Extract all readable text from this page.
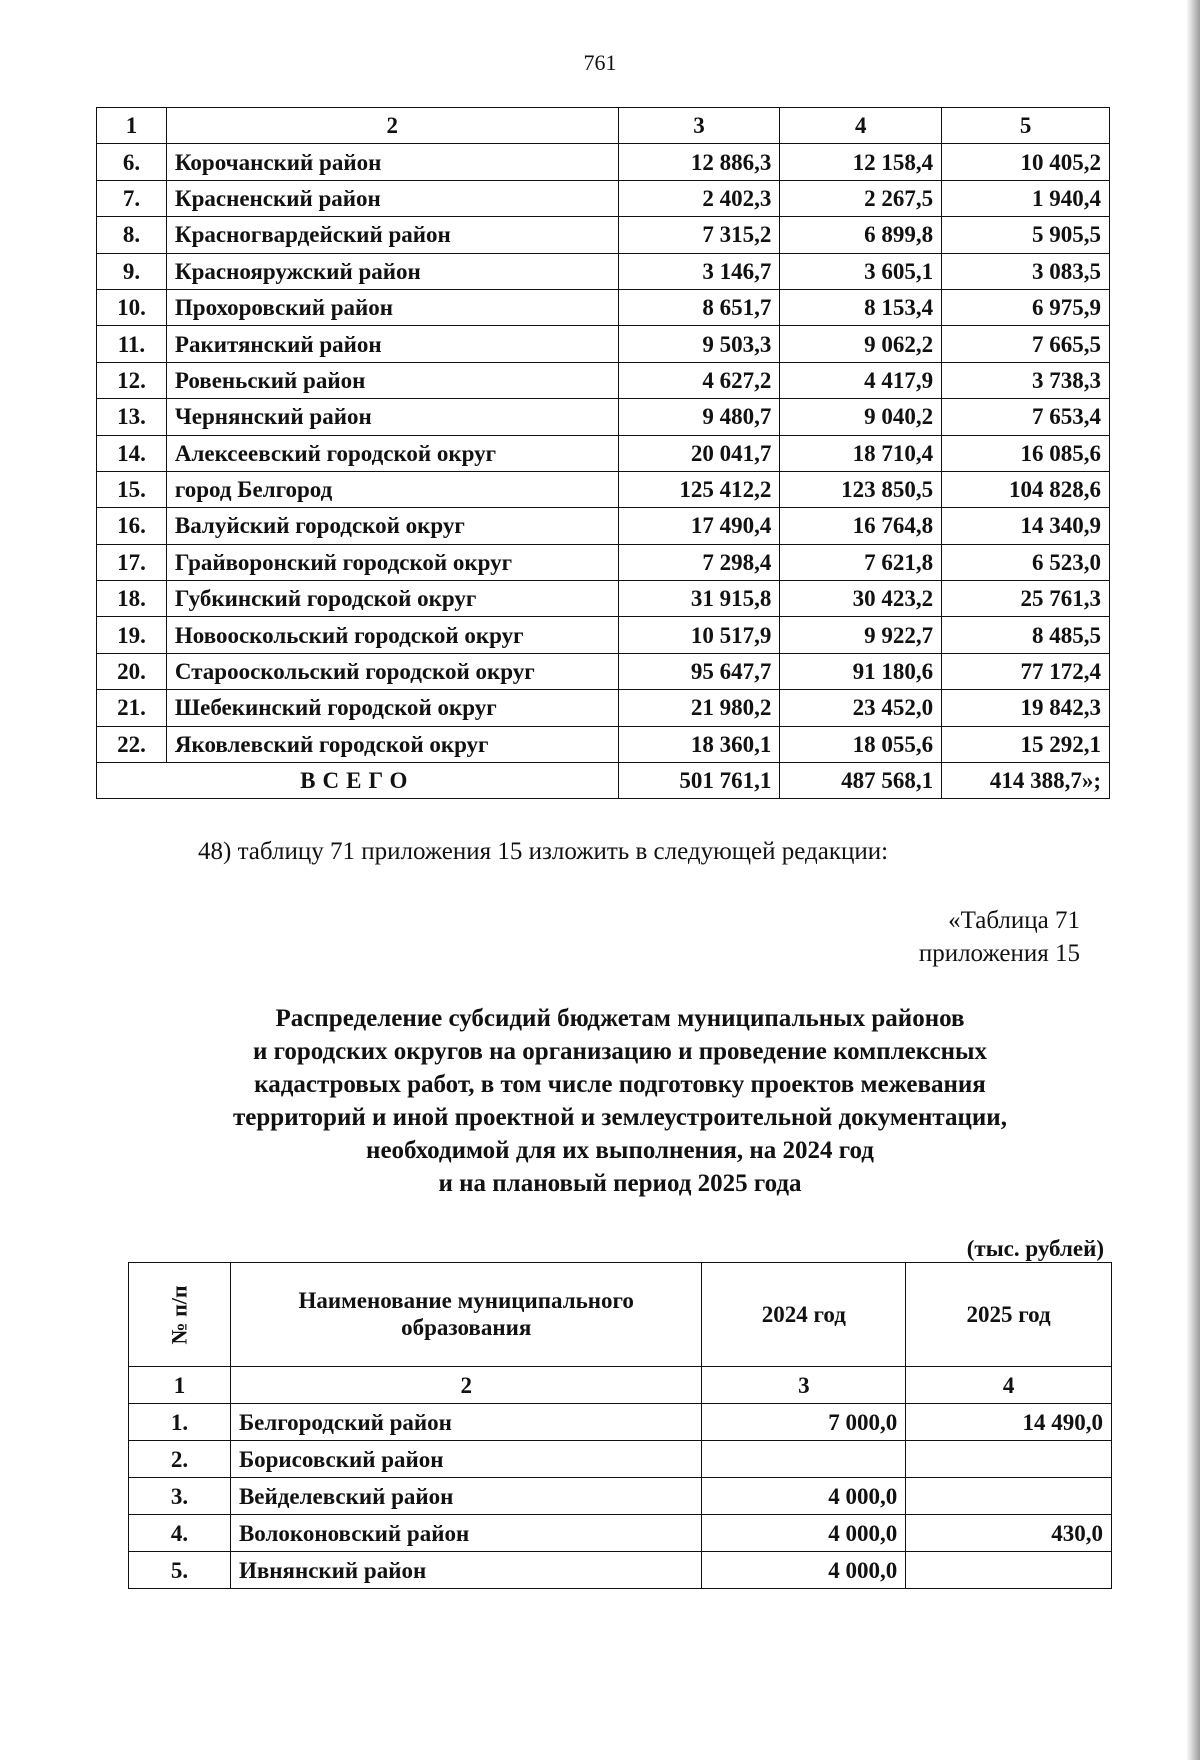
761
1	2	3	4	5
6.	Корочанский район	12 886,3	12 158,4	10 405,2
7.	Красненский район	2 402,3	2 267,5	1 940,4
8.	Красногвардейский район	7 315,2	6 899,8	5 905,5
9.	Краснояружский район	3 146,7	3 605,1	3 083,5
10.	Прохоровский район	8 651,7	8 153,4	6 975,9
11.	Ракитянский район	9 503,3	9 062,2	7 665,5
12.	Ровеньский район	4 627,2	4 417,9	3 738,3
13.	Чернянский район	9 480,7	9 040,2	7 653,4
14.	Алексеевский городской округ	20 041,7	18 710,4	16 085,6
15.	город Белгород	125 412,2	123 850,5	104 828,6
16.	Валуйский городской округ	17 490,4	16 764,8	14 340,9
17.	Грайворонский городской округ	7 298,4	7 621,8	6 523,0
18.	Губкинский городской округ	31 915,8	30 423,2	25 761,3
19.	Новооскольский городской округ	10 517,9	9 922,7	8 485,5
20.	Старооскольский городской округ	95 647,7	91 180,6	77 172,4
21.	Шебекинский городской округ	21 980,2	23 452,0	19 842,3
22.	Яковлевский городской округ	18 360,1	18 055,6	15 292,1
ВСЕГО		501 761,1	487 568,1	414 388,7»;
48) таблицу 71 приложения 15 изложить в следующей редакции:
«Таблица 71
приложения 15
Распределение субсидий бюджетам муниципальных районов
и городских округов на организацию и проведение комплексных
кадастровых работ, в том числе подготовку проектов межевания
территорий и иной проектной и землеустроительной документации,
необходимой для их выполнения, на 2024 год
и на плановый период 2025 года
(тыс. рублей)
№ п/п	Наименование муниципального образования	2024 год	2025 год
1	2	3	4
1.	Белгородский район	7 000,0	14 490,0
2.	Борисовский район		
3.	Вейделевский район	4 000,0	
4.	Волоконовский район	4 000,0	430,0
5.	Ивнянский район	4 000,0	
